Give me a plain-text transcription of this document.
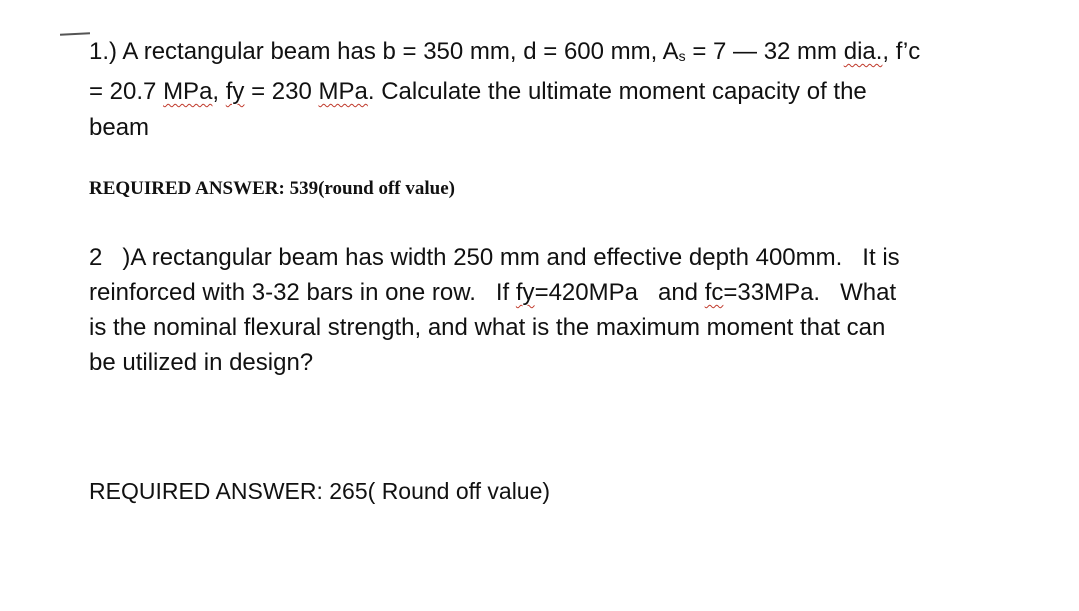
1.) A rectangular beam has b = 350 mm, d = 600 mm, As = 7 — 32 mm dia., f’c
= 20.7 MPa, fy = 230 MPa. Calculate the ultimate moment capacity of the
beam
REQUIRED ANSWER: 539(round off value)
2   )A rectangular beam has width 250 mm and effective depth 400mm.   It is
reinforced with 3-32 bars in one row.   If fy=420MPa   and fc=33MPa.   What
is the nominal flexural strength, and what is the maximum moment that can
be utilized in design?
REQUIRED ANSWER: 265( Round off value)
